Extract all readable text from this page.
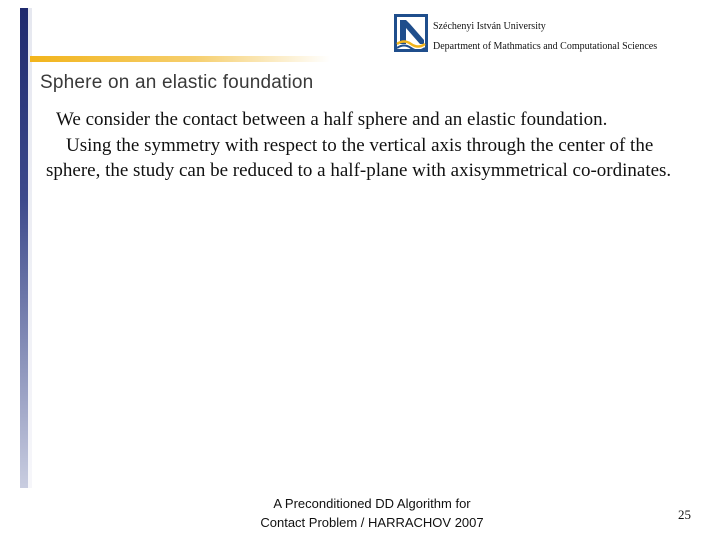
Széchenyi István University
Department of Mathmatics and Computational Sciences
Sphere on an elastic foundation

We consider the contact between a half sphere and an elastic foundation.

Using the symmetry with respect to the vertical axis through the center of the sphere, the study can be reduced to a half-plane with axisymmetrical co-ordinates.

A Preconditioned DD Algorithm for Contact Problem / HARRACHOV 2007
25
